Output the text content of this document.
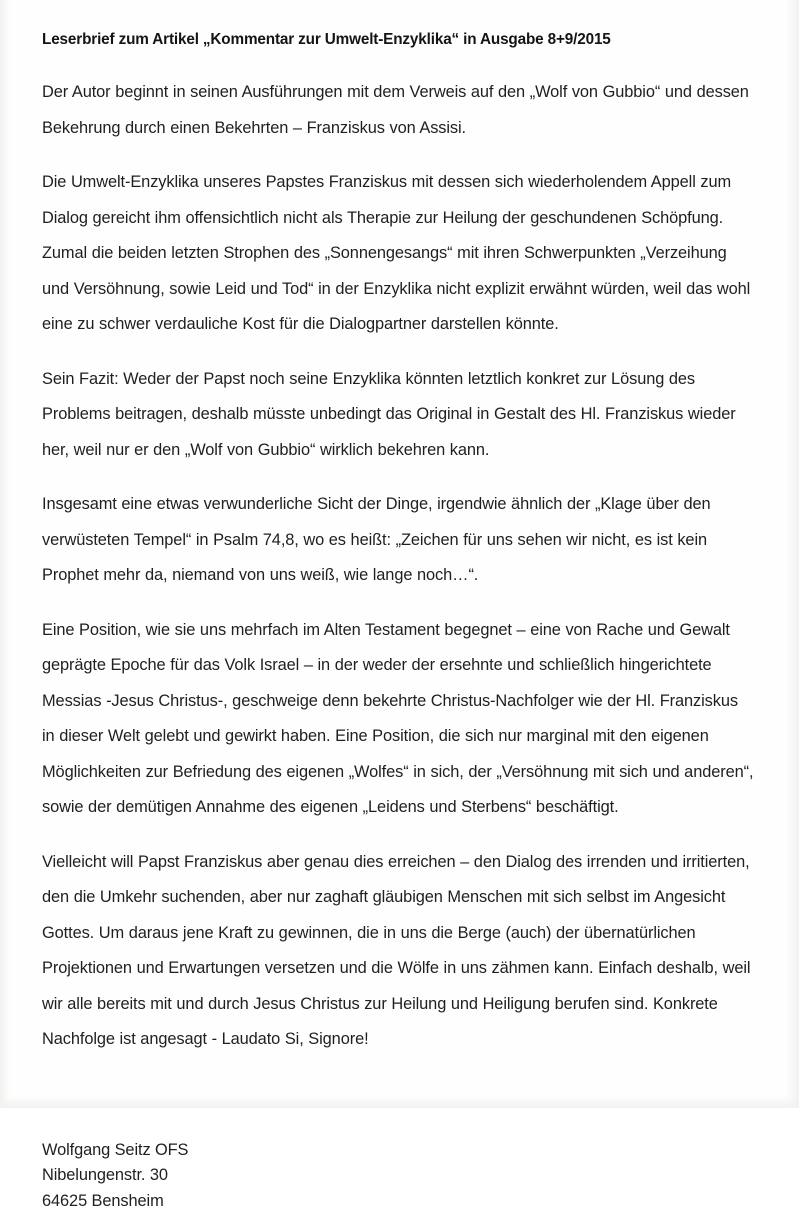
Leserbrief zum Artikel „Kommentar zur Umwelt-Enzyklika“ in Ausgabe 8+9/2015

Der Autor beginnt in seinen Ausführungen mit dem Verweis auf den „Wolf von Gubbio“ und dessen Bekehrung durch einen Bekehrten – Franziskus von Assisi.

Die Umwelt-Enzyklika unseres Papstes Franziskus mit dessen sich wiederholendem Appell zum Dialog gereicht ihm offensichtlich nicht als Therapie zur Heilung der geschundenen Schöpfung. Zumal die beiden letzten Strophen des „Sonnengesangs“ mit ihren Schwerpunkten „Verzeihung und Versöhnung, sowie Leid und Tod“ in der Enzyklika nicht explizit erwähnt würden, weil das wohl eine zu schwer verdauliche Kost für die Dialogpartner darstellen könnte.

Sein Fazit: Weder der Papst noch seine Enzyklika könnten letztlich konkret zur Lösung des Problems beitragen, deshalb müsste unbedingt das Original in Gestalt des Hl. Franziskus wieder her, weil nur er den „Wolf von Gubbio“ wirklich bekehren kann.

Insgesamt eine etwas verwunderliche Sicht der Dinge, irgendwie ähnlich der „Klage über den verwüsteten Tempel“ in Psalm 74,8, wo es heißt: „Zeichen für uns sehen wir nicht, es ist kein Prophet mehr da, niemand von uns weiß, wie lange noch…“.

Eine Position, wie sie uns mehrfach im Alten Testament begegnet – eine von Rache und Gewalt geprägte Epoche für das Volk Israel – in der weder der ersehnte und schließlich hingerichtete Messias -Jesus Christus-, geschweige denn bekehrte Christus-Nachfolger wie der Hl. Franziskus in dieser Welt gelebt und gewirkt haben. Eine Position, die sich nur marginal mit den eigenen Möglichkeiten zur Befriedung des eigenen „Wolfes“ in sich, der „Versöhnung mit sich und anderen“, sowie der demütigen Annahme des eigenen „Leidens und Sterbens“ beschäftigt.

Vielleicht will Papst Franziskus aber genau dies erreichen – den Dialog des irrenden und irritierten, den die Umkehr suchenden, aber nur zaghaft gläubigen Menschen mit sich selbst im Angesicht Gottes. Um daraus jene Kraft zu gewinnen, die in uns die Berge (auch) der übernatürlichen Projektionen und Erwartungen versetzen und die Wölfe in uns zähmen kann. Einfach deshalb, weil wir alle bereits mit und durch Jesus Christus zur Heilung und Heiligung berufen sind. Konkrete Nachfolge ist angesagt - Laudato Si, Signore!

Wolfgang Seitz OFS
Nibelungenstr. 30
64625 Bensheim
